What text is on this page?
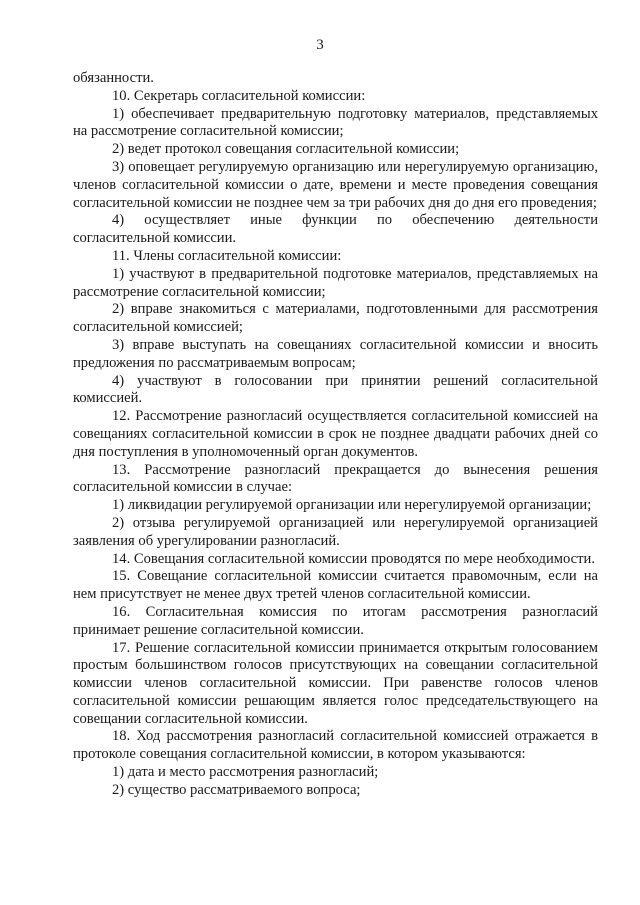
3

обязанности.

10. Секретарь согласительной комиссии:

1) обеспечивает предварительную подготовку материалов, представляемых на рассмотрение согласительной комиссии;

2) ведет протокол совещания согласительной комиссии;

3) оповещает регулируемую организацию или нерегулируемую организацию, членов согласительной комиссии о дате, времени и месте проведения совещания согласительной комиссии не позднее чем за три рабочих дня до дня его проведения;

4) осуществляет иные функции по обеспечению деятельности согласительной комиссии.

11. Члены согласительной комиссии:

1) участвуют в предварительной подготовке материалов, представляемых на рассмотрение согласительной комиссии;

2) вправе знакомиться с материалами, подготовленными для рассмотрения согласительной комиссией;

3) вправе выступать на совещаниях согласительной комиссии и вносить предложения по рассматриваемым вопросам;

4) участвуют в голосовании при принятии решений согласительной комиссией.

12. Рассмотрение разногласий осуществляется согласительной комиссией на совещаниях согласительной комиссии в срок не позднее двадцати рабочих дней со дня поступления в уполномоченный орган документов.

13. Рассмотрение разногласий прекращается до вынесения решения согласительной комиссии в случае:

1) ликвидации регулируемой организации или нерегулируемой организации;

2) отзыва регулируемой организацией или нерегулируемой организацией заявления об урегулировании разногласий.

14. Совещания согласительной комиссии проводятся по мере необходимости.

15. Совещание согласительной комиссии считается правомочным, если на нем присутствует не менее двух третей членов согласительной комиссии.

16. Согласительная комиссия по итогам рассмотрения разногласий принимает решение согласительной комиссии.

17. Решение согласительной комиссии принимается открытым голосованием простым большинством голосов присутствующих на совещании согласительной комиссии членов согласительной комиссии. При равенстве голосов членов согласительной комиссии решающим является голос председательствующего на совещании согласительной комиссии.

18. Ход рассмотрения разногласий согласительной комиссией отражается в протоколе совещания согласительной комиссии, в котором указываются:

1) дата и место рассмотрения разногласий;

2) существо рассматриваемого вопроса;
